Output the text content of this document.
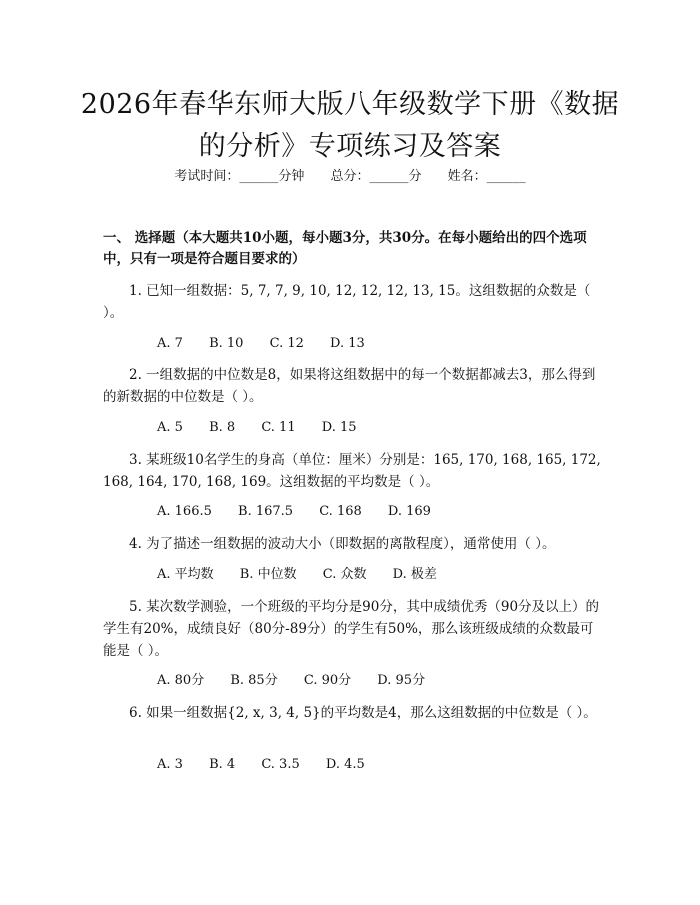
2026年春华东师大版八年级数学下册《数据
的分析》专项练习及答案
考试时间：______分钟 总分：______分 姓名：______
一、 选择题（本大题共10小题，每小题3分，共30分。在每小题给出的四个选项中，只有一项是符合题目要求的）
1. 已知一组数据：5, 7, 7, 9, 10, 12, 12, 12, 13, 15。这组数据的众数是（ ）。
A. 7 B. 10 C. 12 D. 13
2. 一组数据的中位数是8，如果将这组数据中的每一个数据都减去3，那么得到的新数据的中位数是（ ）。
A. 5 B. 8 C. 11 D. 15
3. 某班级10名学生的身高（单位：厘米）分别是：165, 170, 168, 165, 172, 168, 164, 170, 168, 169。这组数据的平均数是（ ）。
A. 166.5 B. 167.5 C. 168 D. 169
4. 为了描述一组数据的波动大小（即数据的离散程度），通常使用（ ）。
A. 平均数 B. 中位数 C. 众数 D. 极差
5. 某次数学测验，一个班级的平均分是90分，其中成绩优秀（90分及以上）的学生有20%，成绩良好（80分-89分）的学生有50%，那么该班级成绩的众数最可能是（ ）。
A. 80分 B. 85分 C. 90分 D. 95分
6. 如果一组数据{2, x, 3, 4, 5}的平均数是4，那么这组数据的中位数是（ ）。
A. 3 B. 4 C. 3.5 D. 4.5
